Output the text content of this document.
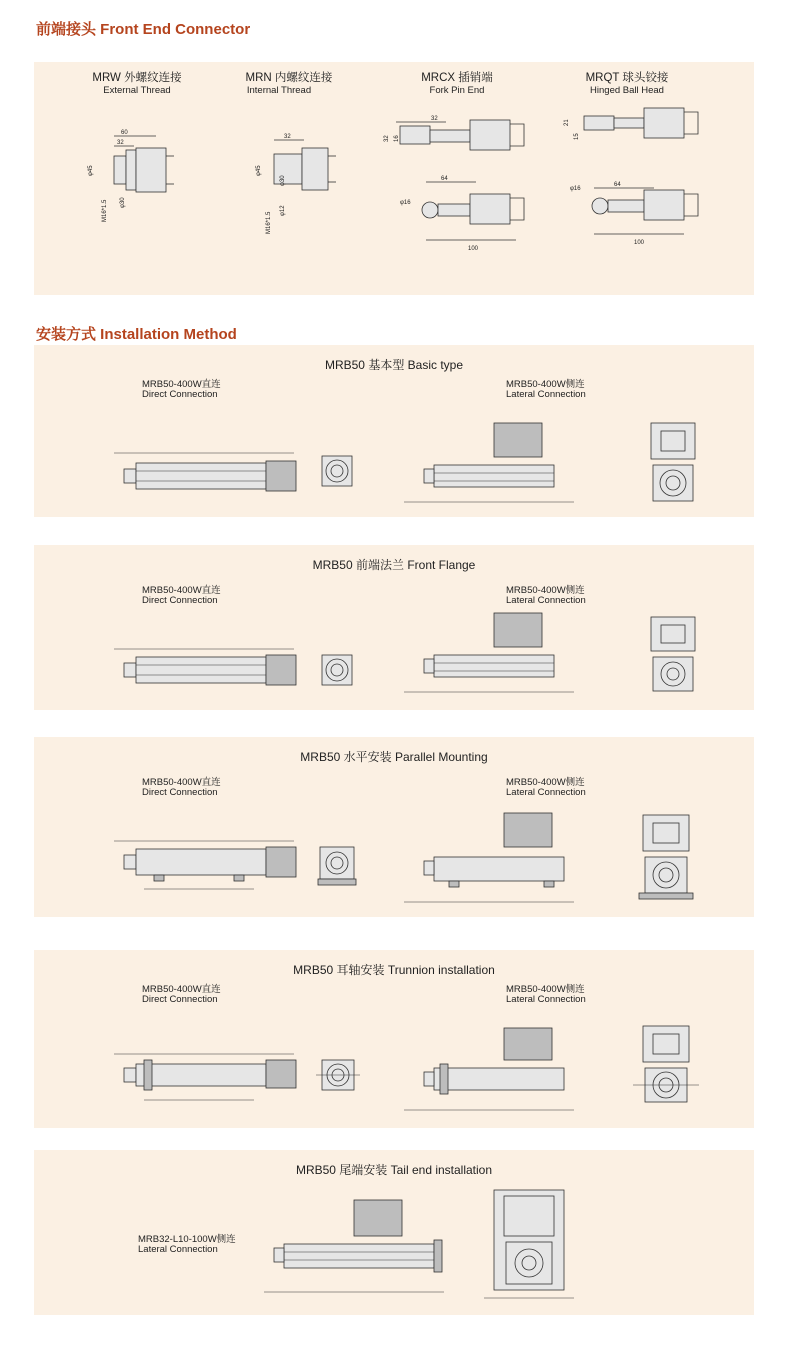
前端接头 Front End Connector
MRW 外螺纹连接
External Thread
MRN 内螺纹连接
Internal Thread
MRCX 插销端
Fork Pin End
MRQT 球头铰接
Hinged Ball Head
60
32
φ45
M16*1.5 φ30
32
φ45
M16*1.5
φ30
φ12
32
32 16
64
φ16
100
21
15
64
φ16
100
安装方式 Installation Method
MRB50 基本型 Basic type
MRB50-400W直连
Direct Connection
MRB50-400W侧连
Lateral Connection
MRB50 前端法兰 Front Flange
MRB50-400W直连
Direct Connection
MRB50-400W侧连
Lateral Connection
MRB50 水平安装 Parallel Mounting
MRB50-400W直连
Direct Connection
MRB50-400W侧连
Lateral Connection
MRB50 耳轴安装 Trunnion installation
MRB50-400W直连
Direct Connection
MRB50-400W侧连
Lateral Connection
MRB50 尾端安装 Tail end installation
MRB32-L10-100W侧连
Lateral Connection
